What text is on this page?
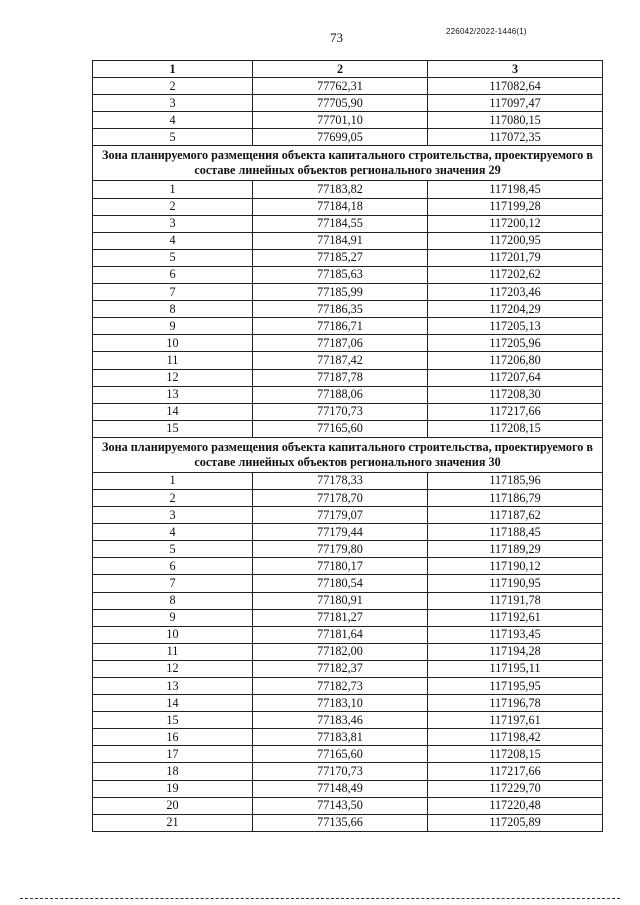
73	226042/2022-1446(1)
1	2	3
2	77762,31	117082,64
3	77705,90	117097,47
4	77701,10	117080,15
5	77699,05	117072,35
Зона планируемого размещения объекта капитального строительства, проектируемого в составе линейных объектов регионального значения 29		
1	77183,82	117198,45
2	77184,18	117199,28
3	77184,55	117200,12
4	77184,91	117200,95
5	77185,27	117201,79
6	77185,63	117202,62
7	77185,99	117203,46
8	77186,35	117204,29
9	77186,71	117205,13
10	77187,06	117205,96
11	77187,42	117206,80
12	77187,78	117207,64
13	77188,06	117208,30
14	77170,73	117217,66
15	77165,60	117208,15
Зона планируемого размещения объекта капитального строительства, проектируемого в составе линейных объектов регионального значения 30		
1	77178,33	117185,96
2	77178,70	117186,79
3	77179,07	117187,62
4	77179,44	117188,45
5	77179,80	117189,29
6	77180,17	117190,12
7	77180,54	117190,95
8	77180,91	117191,78
9	77181,27	117192,61
10	77181,64	117193,45
11	77182,00	117194,28
12	77182,37	117195,11
13	77182,73	117195,95
14	77183,10	117196,78
15	77183,46	117197,61
16	77183,81	117198,42
17	77165,60	117208,15
18	77170,73	117217,66
19	77148,49	117229,70
20	77143,50	117220,48
21	77135,66	117205,89
